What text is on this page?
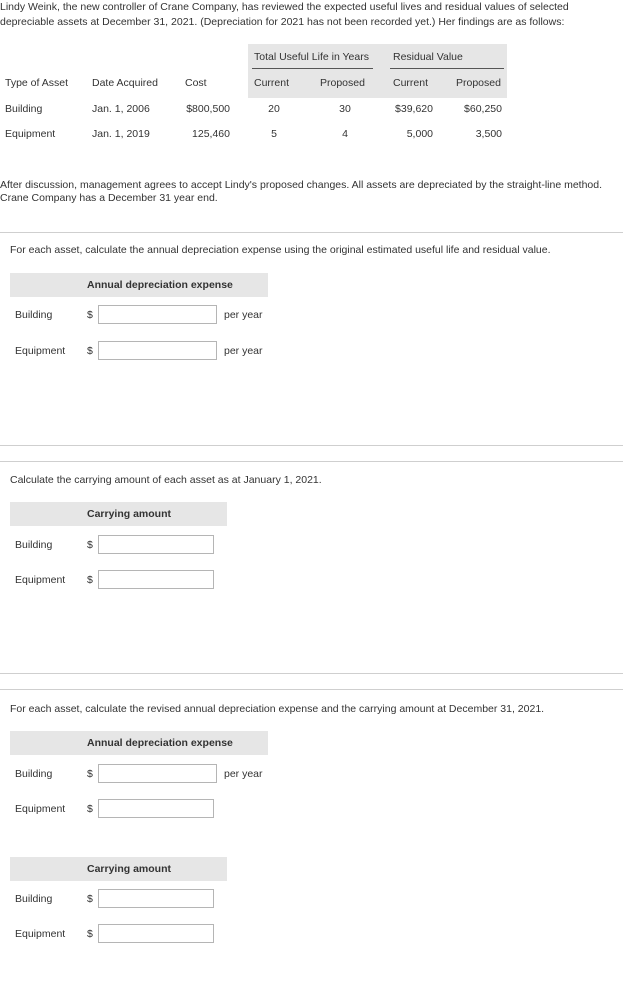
Lindy Weink, the new controller of Crane Company, has reviewed the expected useful lives and residual values of selected depreciable assets at December 31, 2021. (Depreciation for 2021 has not been recorded yet.) Her findings are as follows:
Total Useful Life in Years Residual Value
Type of Asset Date Acquired	Cost	Current	Proposed	Current	Proposed
Building	Jan. 1, 2006	$800,500	20	30	$39,620	$60,250
Equipment	Jan. 1, 2019	125,460	5	4	5,000	3,500
After discussion, management agrees to accept Lindy's proposed changes. All assets are depreciated by the straight-line method. Crane Company has a December 31 year end.
For each asset, calculate the annual depreciation expense using the original estimated useful life and residual value.
Annual depreciation expense
Building	$	per year
Equipment $	per year
Calculate the carrying amount of each asset as at January 1, 2021.
Carrying amount
Building	$
Equipment $
For each asset, calculate the revised annual depreciation expense and the carrying amount at December 31, 2021.
Annual depreciation expense
Building	$	per year
Equipment $
Carrying amount
Building	$
Equipment $
